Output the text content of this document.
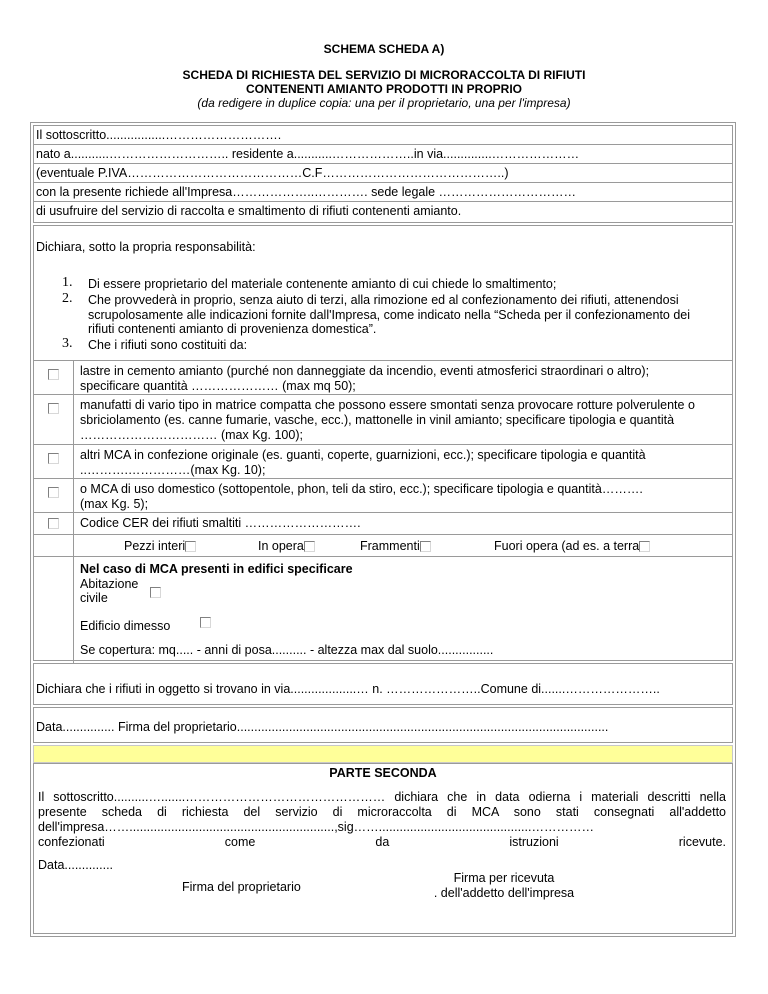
SCHEMA SCHEDA A)
SCHEDA DI RICHIESTA DEL SERVIZIO DI MICRORACCOLTA DI RIFIUTI
CONTENENTI AMIANTO PRODOTTI IN PROPRIO
(da redigere in duplice copia: una per il proprietario, una per l'impresa)
Il sottoscritto.................……………………….
nato a...........……………………….. residente a...........………………..in via..............…………………
(eventuale P.IVA……………………………………C.F……………………………………..)
con la presente richiede all'Impresa………………..…………. sede legale ……………………………
di usufruire del servizio di raccolta e smaltimento di rifiuti contenenti amianto.
Dichiara, sotto la propria responsabilità:
1. Di essere proprietario del materiale contenente amianto di cui chiede lo smaltimento;
2. Che provvederà in proprio, senza aiuto di terzi, alla rimozione ed al confezionamento dei rifiuti, attenendosi
scrupolosamente alle indicazioni fornite dall'Impresa, come indicato nella “Scheda per il confezionamento dei
rifiuti contenenti amianto di provenienza domestica”.
3. Che i rifiuti sono costituiti da:
lastre in cemento amianto (purché non danneggiate da incendio, eventi atmosferici straordinari o altro);
specificare quantità ………………… (max mq 50);
manufatti di vario tipo in matrice compatta che possono essere smontati senza provocare rotture polverulente o
sbriciolamento (es. canne fumarie, vasche, ecc.), mattonelle in vinil amianto; specificare tipologia e quantità
…………………………… (max Kg. 100);
altri MCA in confezione originale (es. guanti, coperte, guarnizioni, ecc.); specificare tipologia e quantità
..……….……………(max Kg. 10);
o MCA di uso domestico (sottopentole, phon, teli da stiro, ecc.); specificare tipologia e quantità……….
(max Kg. 5);
Codice CER dei rifiuti smaltiti ……………………….
Pezzi interi	In opera	Frammenti	Fuori opera (ad es. a terra
Nel caso di MCA presenti in edifici specificare
Abitazione
civile
Edificio dimesso
Se copertura: mq..... - anni di posa.......... - altezza max dal suolo................
Dichiara che i rifiuti in oggetto si trovano in via...................… n. …………………..Comune di.......…………………..
Data............... Firma del proprietario...........................................................................................................
PARTE SECONDA
Il sottoscritto..........….......………………………………………… dichiara che in data odierna i materiali descritti nella
presente scheda di richiesta del servizio di microraccolta di MCA sono stati consegnati all'addetto
dell'impresa……...........................................................,sig……............................................……………
confezionati come da istruzioni ricevute.
Data..............
Firma del proprietario
Firma per ricevuta
. dell'addetto dell'impresa
